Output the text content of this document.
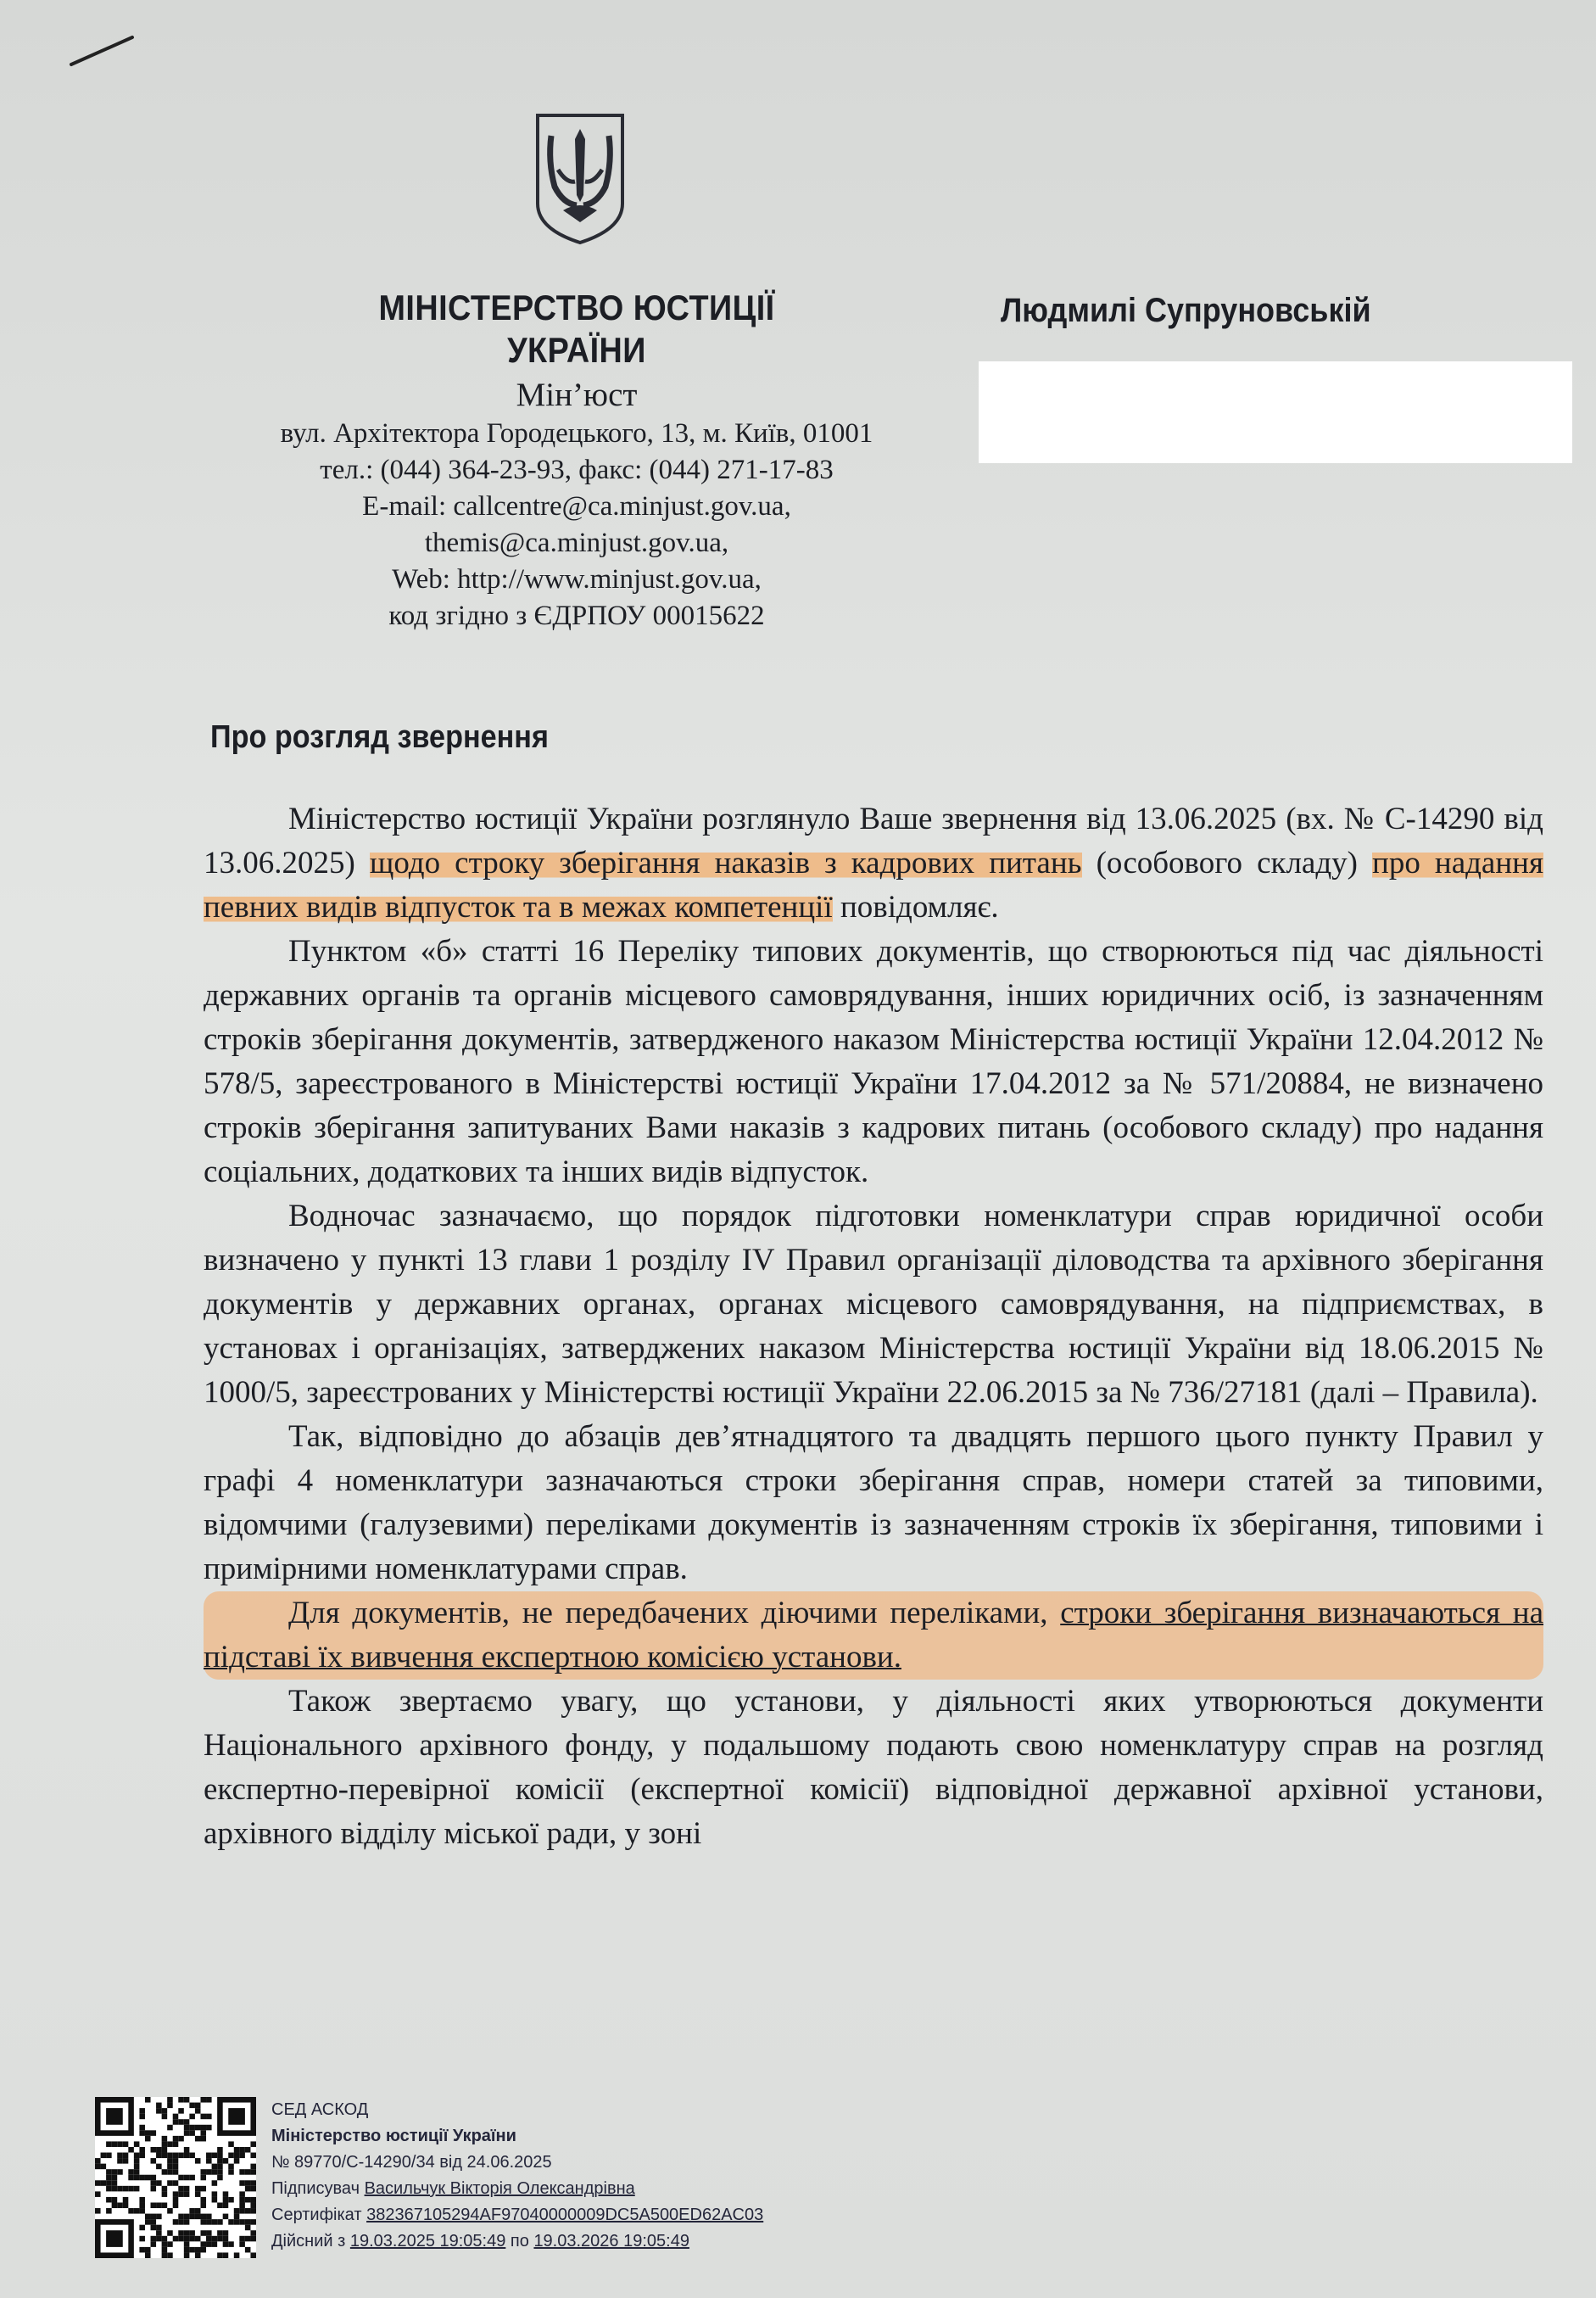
МІНІСТЕРСТВО ЮСТИЦІЇ
УКРАЇНИ
Мін’юст
вул. Архітектора Городецького, 13, м. Київ, 01001
тел.: (044) 364-23-93, факс: (044) 271-17-83
E-mail: callcentre@ca.minjust.gov.ua,
themis@ca.minjust.gov.ua,
Web: http://www.minjust.gov.ua,
код згідно з ЄДРПОУ 00015622
Людмилі Супруновській
Про розгляд звернення

Міністерство юстиції України розглянуло Ваше звернення від 13.06.2025 (вх. № С-14290 від 13.06.2025) щодо строку зберігання наказів з кадрових питань (особового складу) про надання певних видів відпусток та в межах компетенції повідомляє.

Пунктом «б» статті 16 Переліку типових документів, що створюються під час діяльності державних органів та органів місцевого самоврядування, інших юридичних осіб, із зазначенням строків зберігання документів, затвердженого наказом Міністерства юстиції України 12.04.2012 № 578/5, зареєстрованого в Міністерстві юстиції України 17.04.2012 за № 571/20884, не визначено строків зберігання запитуваних Вами наказів з кадрових питань (особового складу) про надання соціальних, додаткових та інших видів відпусток.

Водночас зазначаємо, що порядок підготовки номенклатури справ юридичної особи визначено у пункті 13 глави 1 розділу IV Правил організації діловодства та архівного зберігання документів у державних органах, органах місцевого самоврядування, на підприємствах, в установах і організаціях, затверджених наказом Міністерства юстиції України від 18.06.2015 № 1000/5, зареєстрованих у Міністерстві юстиції України 22.06.2015 за № 736/27181 (далі – Правила).

Так, відповідно до абзаців дев’ятнадцятого та двадцять першого цього пункту Правил у графі 4 номенклатури зазначаються строки зберігання справ, номери статей за типовими, відомчими (галузевими) переліками документів із зазначенням строків їх зберігання, типовими і примірними номенклатурами справ.

Для документів, не передбачених діючими переліками, строки зберігання визначаються на підставі їх вивчення експертною комісією установи.

Також звертаємо увагу, що установи, у діяльності яких утворюються документи Національного архівного фонду, у подальшому подають свою номенклатуру справ на розгляд експертно-перевірної комісії (експертної комісії) відповідної державної архівної установи, архівного відділу міської ради, у зоні

СЕД АСКОД
Міністерство юстиції України
№ 89770/С-14290/34 від 24.06.2025
Підписувач Васильчук Вікторія Олександрівна
Сертифікат 382367105294AF97040000009DC5A500ED62AC03
Дійсний з 19.03.2025 19:05:49 по 19.03.2026 19:05:49
